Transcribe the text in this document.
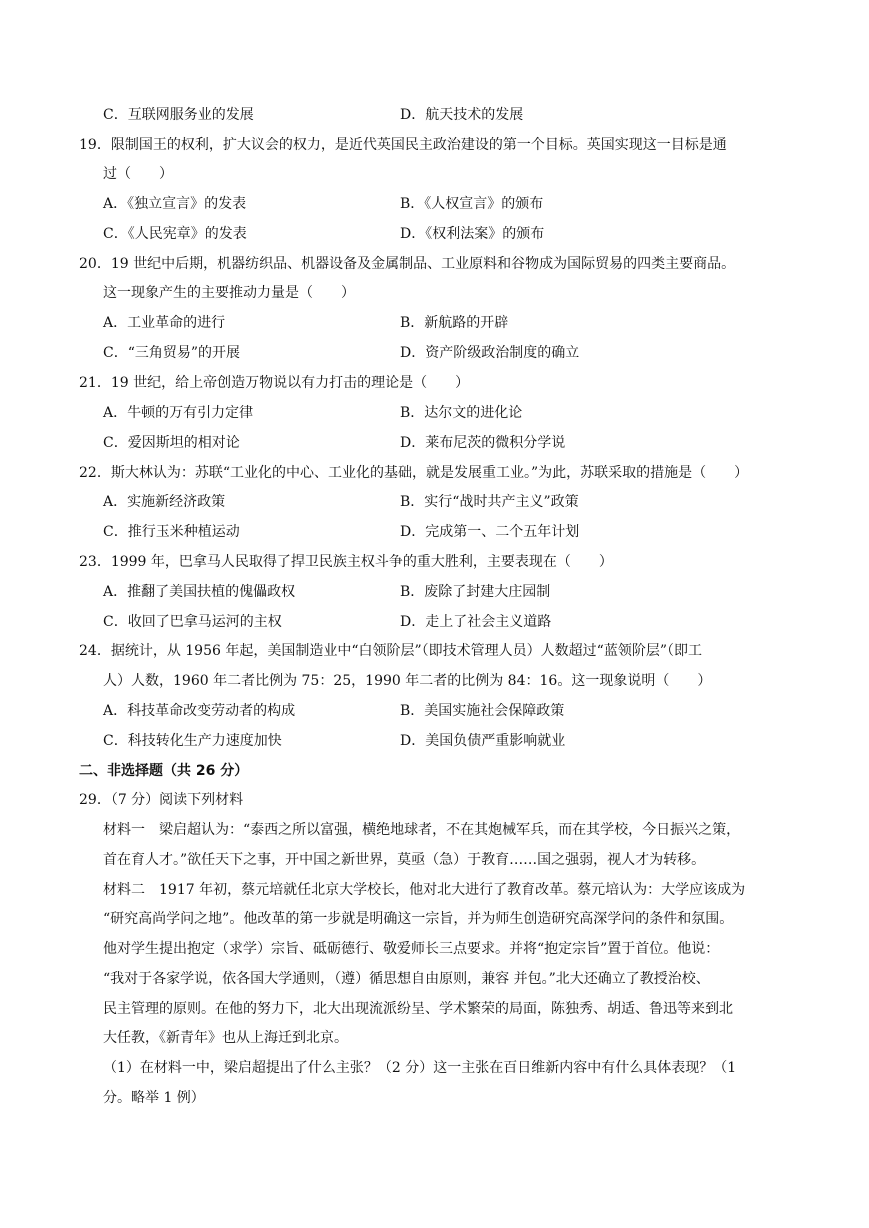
C．互联网服务业的发展	D．航天技术的发展
19．限制国王的权利，扩大议会的权力，是近代英国民主政治建设的第一个目标。英国实现这一目标是通
过（　　）
A．《独立宣言》的发表	B．《人权宣言》的颁布
C．《人民宪章》的发表	D．《权利法案》的颁布
20．19 世纪中后期，机器纺织品、机器设备及金属制品、工业原料和谷物成为国际贸易的四类主要商品。
这一现象产生的主要推动力量是（　　）
A．工业革命的进行	B．新航路的开辟
C．“三角贸易”的开展	D．资产阶级政治制度的确立
21．19 世纪，给上帝创造万物说以有力打击的理论是（　　）
A．牛顿的万有引力定律	B．达尔文的进化论
C．爱因斯坦的相对论	D．莱布尼茨的微积分学说
22．斯大林认为：苏联“工业化的中心、工业化的基础，就是发展重工业。”为此，苏联采取的措施是（　　）
A．实施新经济政策	B．实行“战时共产主义”政策
C．推行玉米种植运动	D．完成第一、二个五年计划
23．1999 年，巴拿马人民取得了捍卫民族主权斗争的重大胜利，主要表现在（　　）
A．推翻了美国扶植的傀儡政权	B．废除了封建大庄园制
C．收回了巴拿马运河的主权	D．走上了社会主义道路
24．据统计，从 1956 年起，美国制造业中“白领阶层”（即技术管理人员）人数超过“蓝领阶层”（即工
人）人数，1960 年二者比例为 75：25，1990 年二者的比例为 84：16。这一现象说明（　　）
A．科技革命改变劳动者的构成	B．美国实施社会保障政策
C．科技转化生产力速度加快	D．美国负债严重影响就业
二、非选择题（共 26 分）
29．（7 分）阅读下列材料
材料一　梁启超认为：“泰西之所以富强，横绝地球者，不在其炮械军兵，而在其学校，今日振兴之策，
首在育人才。”欲任天下之事，开中国之新世界，莫亟（急）于教育……国之强弱，视人才为转移。
材料二　1917 年初，蔡元培就任北京大学校长，他对北大进行了教育改革。蔡元培认为：大学应该成为
“研究高尚学问之地”。他改革的第一步就是明确这一宗旨，并为师生创造研究高深学问的条件和氛围。
他对学生提出抱定（求学）宗旨、砥砺德行、敬爱师长三点要求。并将“抱定宗旨”置于首位。他说：
“我对于各家学说，依各国大学通则，（遵）循思想自由原则，兼容 并包。”北大还确立了教授治校、
民主管理的原则。在他的努力下，北大出现流派纷呈、学术繁荣的局面，陈独秀、胡适、鲁迅等来到北
大任教，《新青年》也从上海迁到北京。
（1）在材料一中，梁启超提出了什么主张？（2 分）这一主张在百日维新内容中有什么具体表现？（1
分。略举 1 例）
